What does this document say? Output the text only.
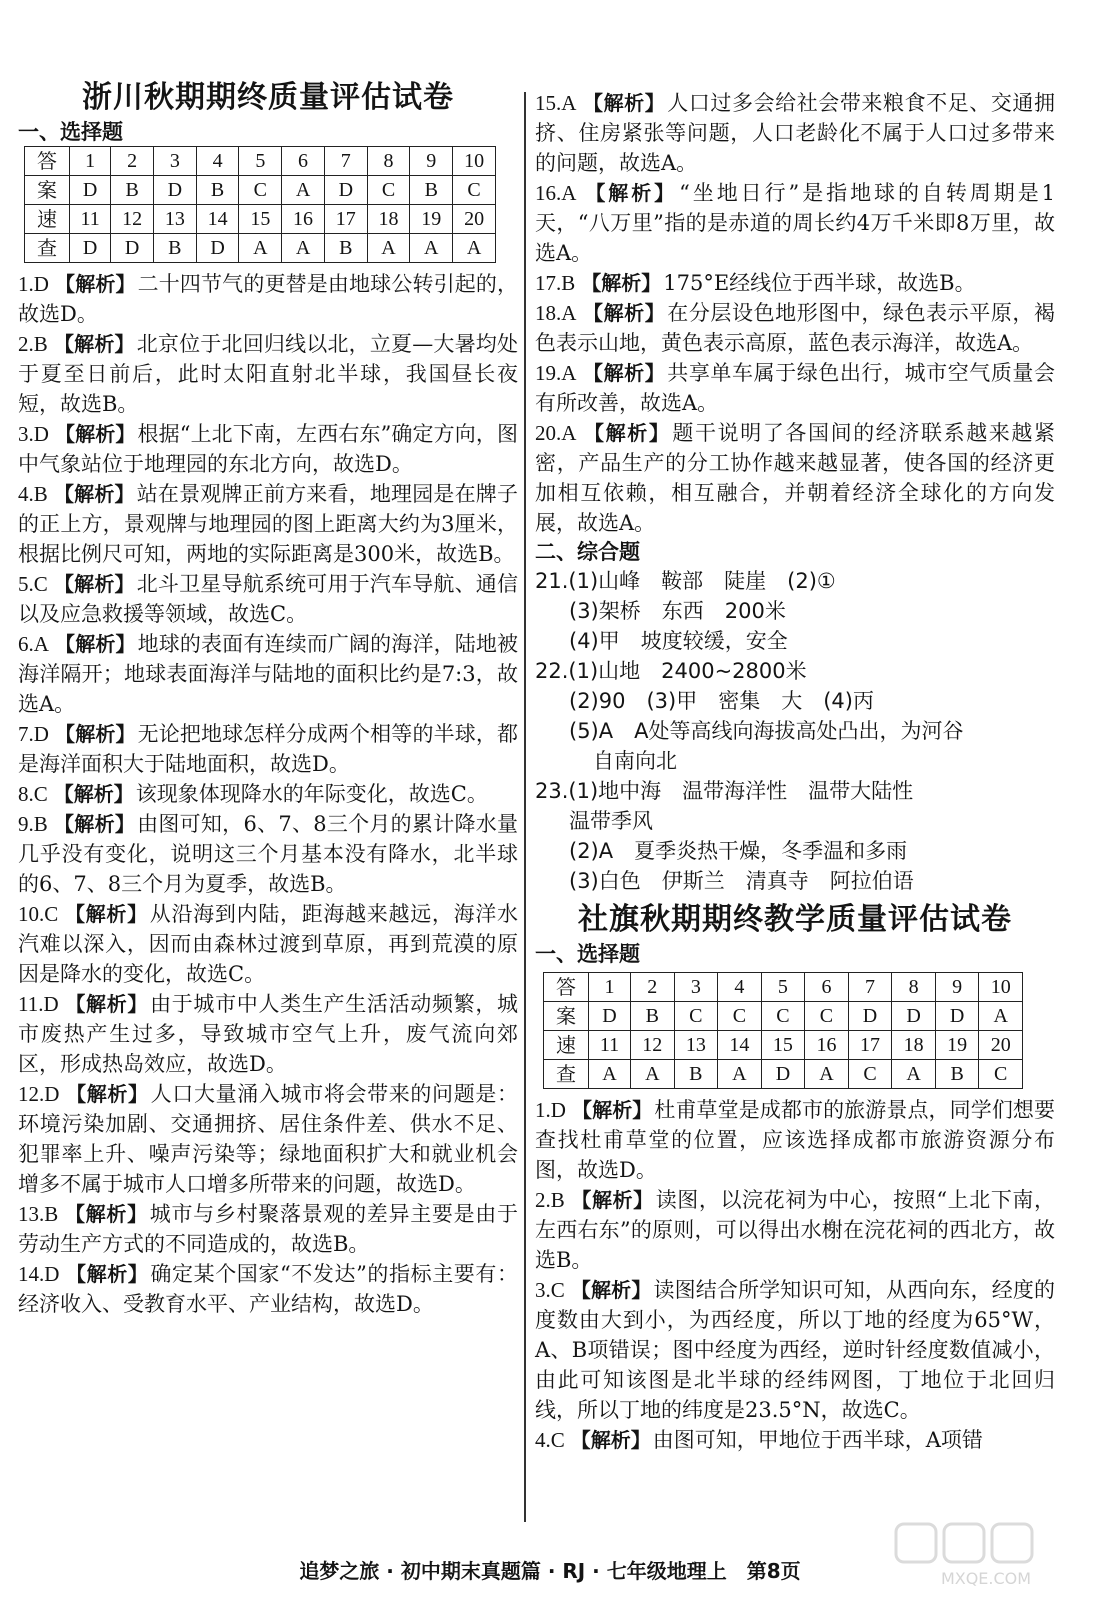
浙川秋期期终质量评估试卷
一、选择题
答	1	2	3	4	5	6	7	8	9	10
案	D	B	D	B	C	A	D	C	B	C
速	11	12	13	14	15	16	17	18	19	20
查	D	D	B	D	A	A	B	A	A	A
1.D 【解析】二十四节气的更替是由地球公转引起的，故选D。
2.B 【解析】北京位于北回归线以北，立夏—大暑均处于夏至日前后，此时太阳直射北半球，我国昼长夜短，故选B。
3.D 【解析】根据“上北下南，左西右东”确定方向，图中气象站位于地理园的东北方向，故选D。
4.B 【解析】站在景观牌正前方来看，地理园是在牌子的正上方，景观牌与地理园的图上距离大约为3厘米，根据比例尺可知，两地的实际距离是300米，故选B。
5.C 【解析】北斗卫星导航系统可用于汽车导航、通信以及应急救援等领域，故选C。
6.A 【解析】地球的表面有连续而广阔的海洋，陆地被海洋隔开；地球表面海洋与陆地的面积比约是7:3，故选A。
7.D 【解析】无论把地球怎样分成两个相等的半球，都是海洋面积大于陆地面积，故选D。
8.C 【解析】该现象体现降水的年际变化，故选C。
9.B 【解析】由图可知，6、7、8三个月的累计降水量几乎没有变化，说明这三个月基本没有降水，北半球的6、7、8三个月为夏季，故选B。
10.C 【解析】从沿海到内陆，距海越来越远，海洋水汽难以深入，因而由森林过渡到草原，再到荒漠的原因是降水的变化，故选C。
11.D 【解析】由于城市中人类生产生活活动频繁，城市废热产生过多，导致城市空气上升，废气流向郊区，形成热岛效应，故选D。
12.D 【解析】人口大量涌入城市将会带来的问题是：环境污染加剧、交通拥挤、居住条件差、供水不足、犯罪率上升、噪声污染等；绿地面积扩大和就业机会增多不属于城市人口增多所带来的问题，故选D。
13.B 【解析】城市与乡村聚落景观的差异主要是由于劳动生产方式的不同造成的，故选B。
14.D 【解析】确定某个国家“不发达”的指标主要有：经济收入、受教育水平、产业结构，故选D。
15.A 【解析】人口过多会给社会带来粮食不足、交通拥挤、住房紧张等问题，人口老龄化不属于人口过多带来的问题，故选A。
16.A 【解析】“坐地日行”是指地球的自转周期是1天，“八万里”指的是赤道的周长约4万千米即8万里，故选A。
17.B 【解析】175°E经线位于西半球，故选B。
18.A 【解析】在分层设色地形图中，绿色表示平原，褐色表示山地，黄色表示高原，蓝色表示海洋，故选A。
19.A 【解析】共享单车属于绿色出行，城市空气质量会有所改善，故选A。
20.A 【解析】题干说明了各国间的经济联系越来越紧密，产品生产的分工协作越来越显著，使各国的经济更加相互依赖，相互融合，并朝着经济全球化的方向发展，故选A。
二、综合题
21.(1)山峰　鞍部　陡崖　(2)①
(3)架桥　东西　200米
(4)甲　坡度较缓，安全
22.(1)山地　2400~2800米
(2)90　(3)甲　密集　大　(4)丙
(5)A　A处等高线向海拔高处凸出，为河谷
自南向北
23.(1)地中海　温带海洋性　温带大陆性
温带季风
(2)A　夏季炎热干燥，冬季温和多雨
(3)白色　伊斯兰　清真寺　阿拉伯语
社旗秋期期终教学质量评估试卷
一、选择题
答	1	2	3	4	5	6	7	8	9	10
案	D	B	C	C	C	C	D	D	D	A
速	11	12	13	14	15	16	17	18	19	20
查	A	A	B	A	D	A	C	A	B	C
1.D 【解析】杜甫草堂是成都市的旅游景点，同学们想要查找杜甫草堂的位置，应该选择成都市旅游资源分布图，故选D。
2.B 【解析】读图，以浣花祠为中心，按照“上北下南，左西右东”的原则，可以得出水榭在浣花祠的西北方，故选B。
3.C 【解析】读图结合所学知识可知，从西向东，经度的度数由大到小，为西经度，所以丁地的经度为65°W，A、B项错误；图中经度为西经，逆时针经度数值减小，由此可知该图是北半球的经纬网图，丁地位于北回归线，所以丁地的纬度是23.5°N，故选C。
4.C 【解析】由图可知，甲地位于西半球，A项错
追梦之旅 · 初中期末真题篇 · RJ · 七年级地理上　第8页	MXQE.COM
